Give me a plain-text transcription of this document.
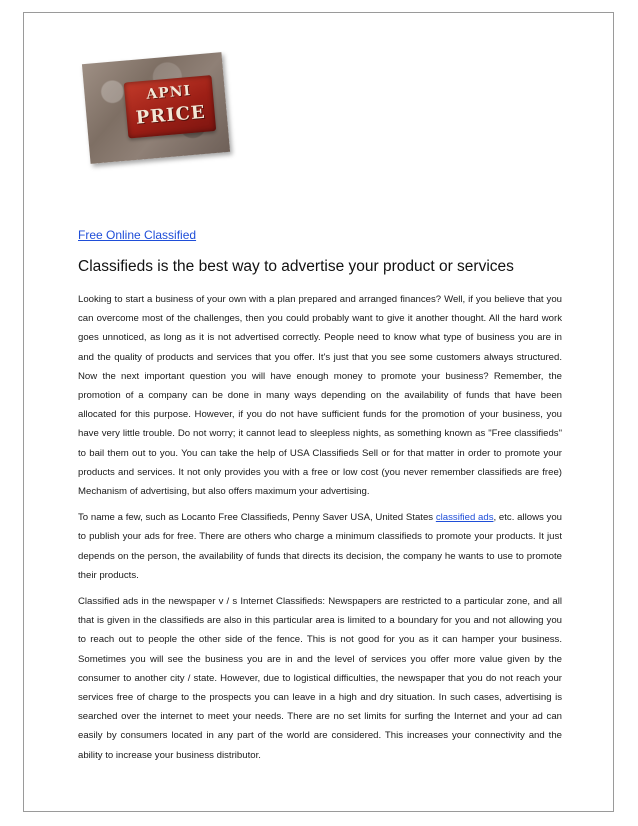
APNI
PRICE
Free Online Classified
Classifieds is the best way to advertise your product or services

Looking to start a business of your own with a plan prepared and arranged finances? Well, if you believe that you can overcome most of the challenges, then you could probably want to give it another thought. All the hard work goes unnoticed, as long as it is not advertised correctly. People need to know what type of business you are in and the quality of products and services that you offer. It's just that you see some customers always structured. Now the next important question you will have enough money to promote your business? Remember, the promotion of a company can be done in many ways depending on the availability of funds that have been allocated for this purpose. However, if you do not have sufficient funds for the promotion of your business, you have very little trouble. Do not worry; it cannot lead to sleepless nights, as something known as "Free classifieds" to bail them out to you. You can take the help of USA Classifieds Sell or for that matter in order to promote your products and services. It not only provides you with a free or low cost (you never remember classifieds are free) Mechanism of advertising, but also offers maximum your advertising.

To name a few, such as Locanto Free Classifieds, Penny Saver USA, United States classified ads, etc. allows you to publish your ads for free. There are others who charge a minimum classifieds to promote your products. It just depends on the person, the availability of funds that directs its decision, the company he wants to use to promote their products.

Classified ads in the newspaper v / s Internet Classifieds: Newspapers are restricted to a particular zone, and all that is given in the classifieds are also in this particular area is limited to a boundary for you and not allowing you to reach out to people the other side of the fence. This is not good for you as it can hamper your business. Sometimes you will see the business you are in and the level of services you offer more value given by the consumer to another city / state. However, due to logistical difficulties, the newspaper that you do not reach your services free of charge to the prospects you can leave in a high and dry situation. In such cases, advertising is searched over the internet to meet your needs. There are no set limits for surfing the Internet and your ad can easily by consumers located in any part of the world are considered. This increases your connectivity and the ability to increase your business distributor.
